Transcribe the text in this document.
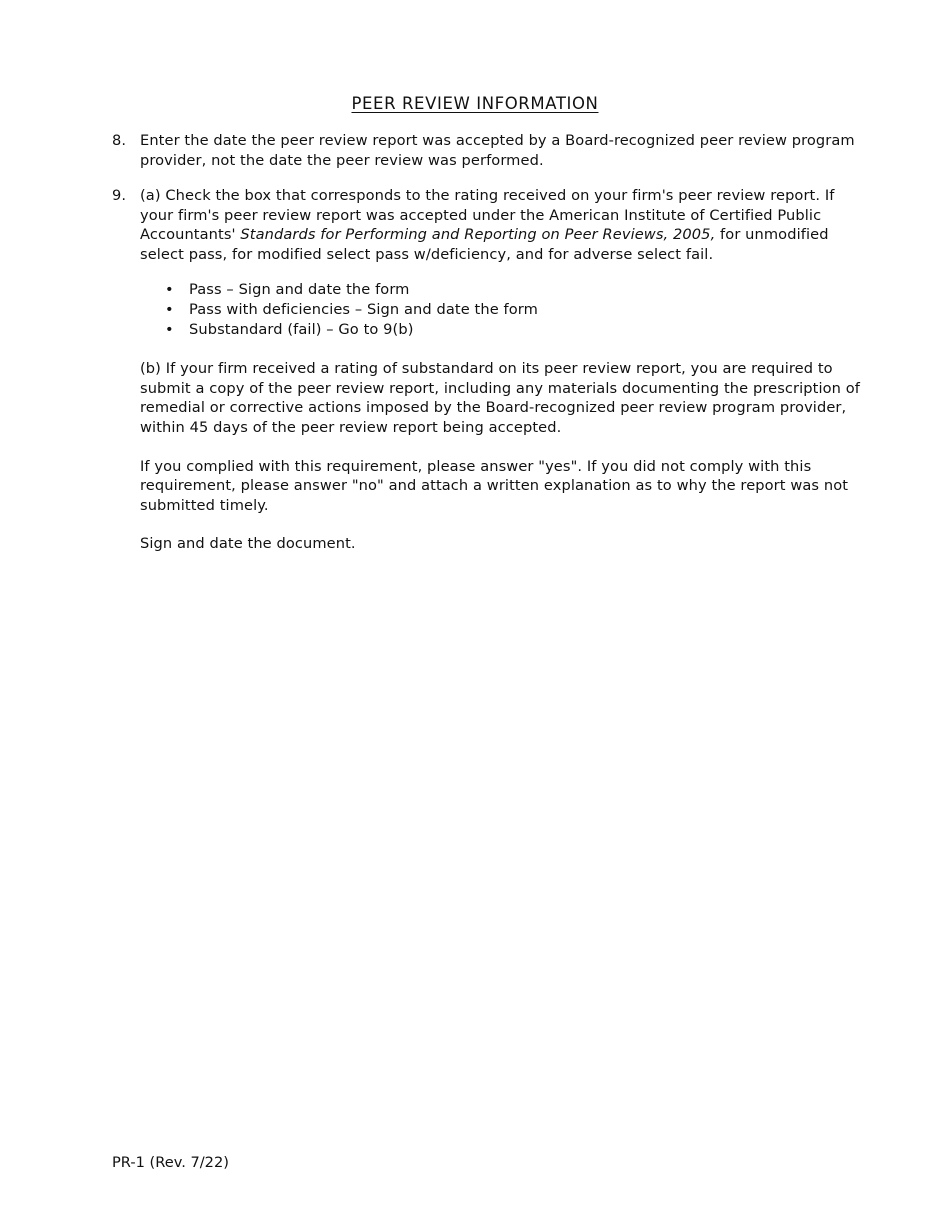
PEER REVIEW INFORMATION
8. Enter the date the peer review report was accepted by a Board-recognized peer review program provider, not the date the peer review was performed.

9. (a) Check the box that corresponds to the rating received on your firm's peer review report. If your firm's peer review report was accepted under the American Institute of Certified Public Accountants' Standards for Performing and Reporting on Peer Reviews, 2005, for unmodified select pass, for modified select pass w/deficiency, and for adverse select fail.

• Pass – Sign and date the form
• Pass with deficiencies – Sign and date the form
• Substandard (fail) – Go to 9(b)

(b) If your firm received a rating of substandard on its peer review report, you are required to submit a copy of the peer review report, including any materials documenting the prescription of remedial or corrective actions imposed by the Board-recognized peer review program provider, within 45 days of the peer review report being accepted.

If you complied with this requirement, please answer "yes". If you did not comply with this requirement, please answer "no" and attach a written explanation as to why the report was not submitted timely.

Sign and date the document.

PR-1 (Rev. 7/22)
